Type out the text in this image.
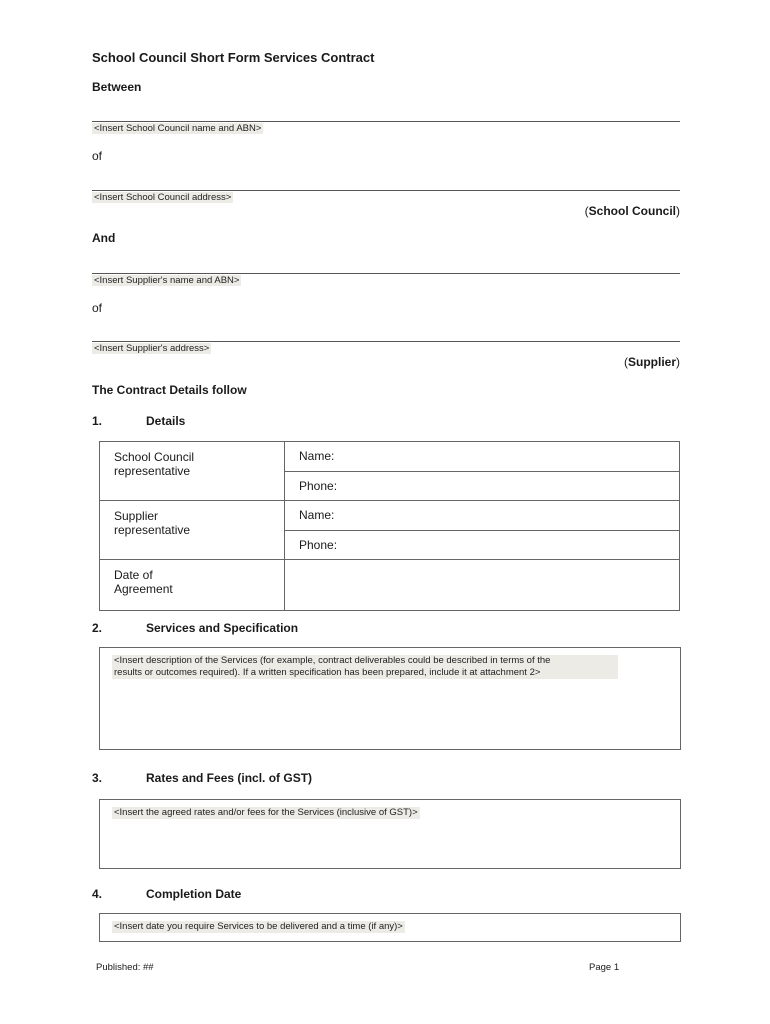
School Council Short Form Services Contract
Between
<Insert School Council name and ABN>
of
<Insert School Council address>
(School Council)
And
<Insert Supplier's name and ABN>
of
<Insert Supplier's address>
(Supplier)
The Contract Details follow
1.	Details
School Council
representative	Name:
	Phone:
Supplier
representative	Name:
	Phone:
Date of
Agreement	
2.	Services and Specification
<Insert description of the Services (for example, contract deliverables could be described in terms of the
results or outcomes required). If a written specification has been prepared, include it at attachment 2>
3.	Rates and Fees (incl. of GST)
<Insert the agreed rates and/or fees for the Services (inclusive of GST)>
4.	Completion Date
<Insert date you require Services to be delivered and a time (if any)>
Published: ##	Page 1
